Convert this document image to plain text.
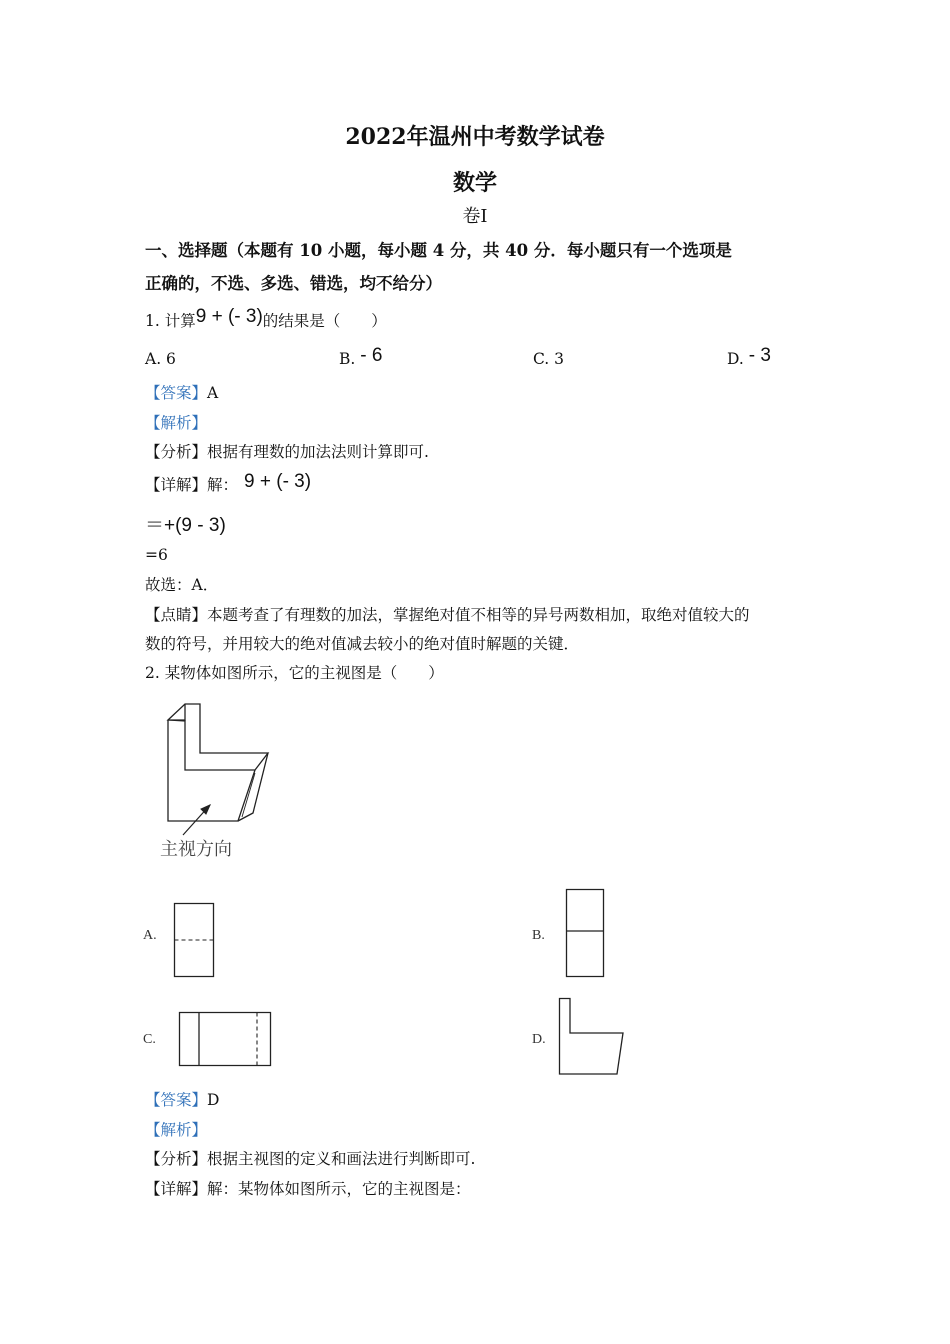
2022年温州中考数学试卷
数学
卷Ⅰ
一、选择题（本题有 10 小题，每小题 4 分，共 40 分．每小题只有一个选项是
正确的，不选、多选、错选，均不给分）
1. 计算9 + (- 3)的结果是（　　）
A. 6	B. - 6	C. 3	D. - 3
【答案】A
【解析】
【分析】根据有理数的加法法则计算即可.
【详解】解： 9 + (- 3)
＝+(9 - 3)
=6
故选：A．
【点睛】本题考查了有理数的加法，掌握绝对值不相等的异号两数相加，取绝对值较大的
数的符号，并用较大的绝对值减去较小的绝对值时解题的关键．
2. 某物体如图所示，它的主视图是（　　）
主视方向
A.	B.
C.	D.
【答案】D
【解析】
【分析】根据主视图的定义和画法进行判断即可.
【详解】解：某物体如图所示，它的主视图是：
